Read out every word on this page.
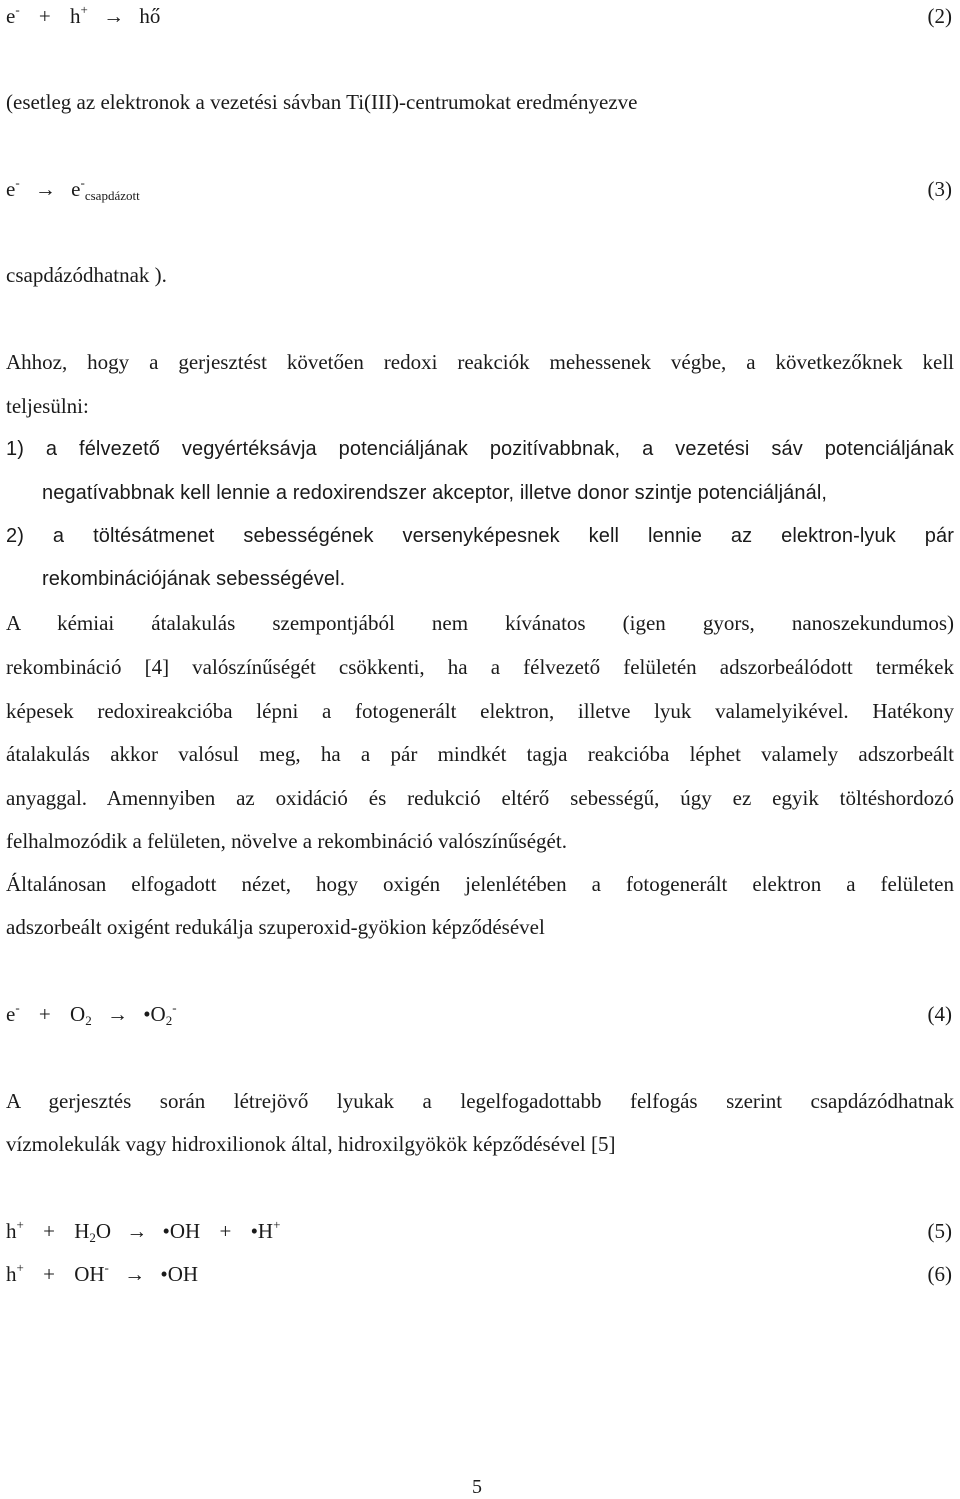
e- + h+ → hő	(2)
(esetleg az elektronok a vezetési sávban Ti(III)-centrumokat eredményezve
$e^- \to e^-_{csapdázott}$	(3)
csapdázódhatnak ).
Ahhoz, hogy a gerjesztést követően redoxi reakciók mehessenek végbe, a következőknek kell
teljesülni:
1) a félvezető vegyértéksávja potenciáljának pozitívabbnak, a vezetési sáv potenciáljának
negatívabbnak kell lennie a redoxirendszer akceptor, illetve donor szintje potenciáljánál,
2) a töltésátmenet sebességének versenyképesnek kell lennie az elektron-lyuk pár
rekombinációjának sebességével.
A kémiai átalakulás szempontjából nem kívánatos (igen gyors, nanoszekundumos)
rekombináció [4] valószínűségét csökkenti, ha a félvezető felületén adszorbeálódott termékek
képesek redoxireakcióba lépni a fotogenerált elektron, illetve lyuk valamelyikével. Hatékony
átalakulás akkor valósul meg, ha a pár mindkét tagja reakcióba léphet valamely adszorbeált
anyaggal. Amennyiben az oxidáció és redukció eltérő sebességű, úgy ez egyik töltéshordozó
felhalmozódik a felületen, növelve a rekombináció valószínűségét.
Általánosan elfogadott nézet, hogy oxigén jelenlétében a fotogenerált elektron a felületen
adszorbeált oxigént redukálja szuperoxid-gyökion képződésével
$e^- + O_2$ → $•O_2^-$	(4)
A gerjesztés során létrejövő lyukak a legelfogadottabb felfogás szerint csapdázódhatnak
vízmolekulák vagy hidroxilionok által, hidroxilgyökök képződésével [5]
$h^+ + H_2O$ → •OH + •H+	(5)
h+ + OH- → •OH	(6)
5
